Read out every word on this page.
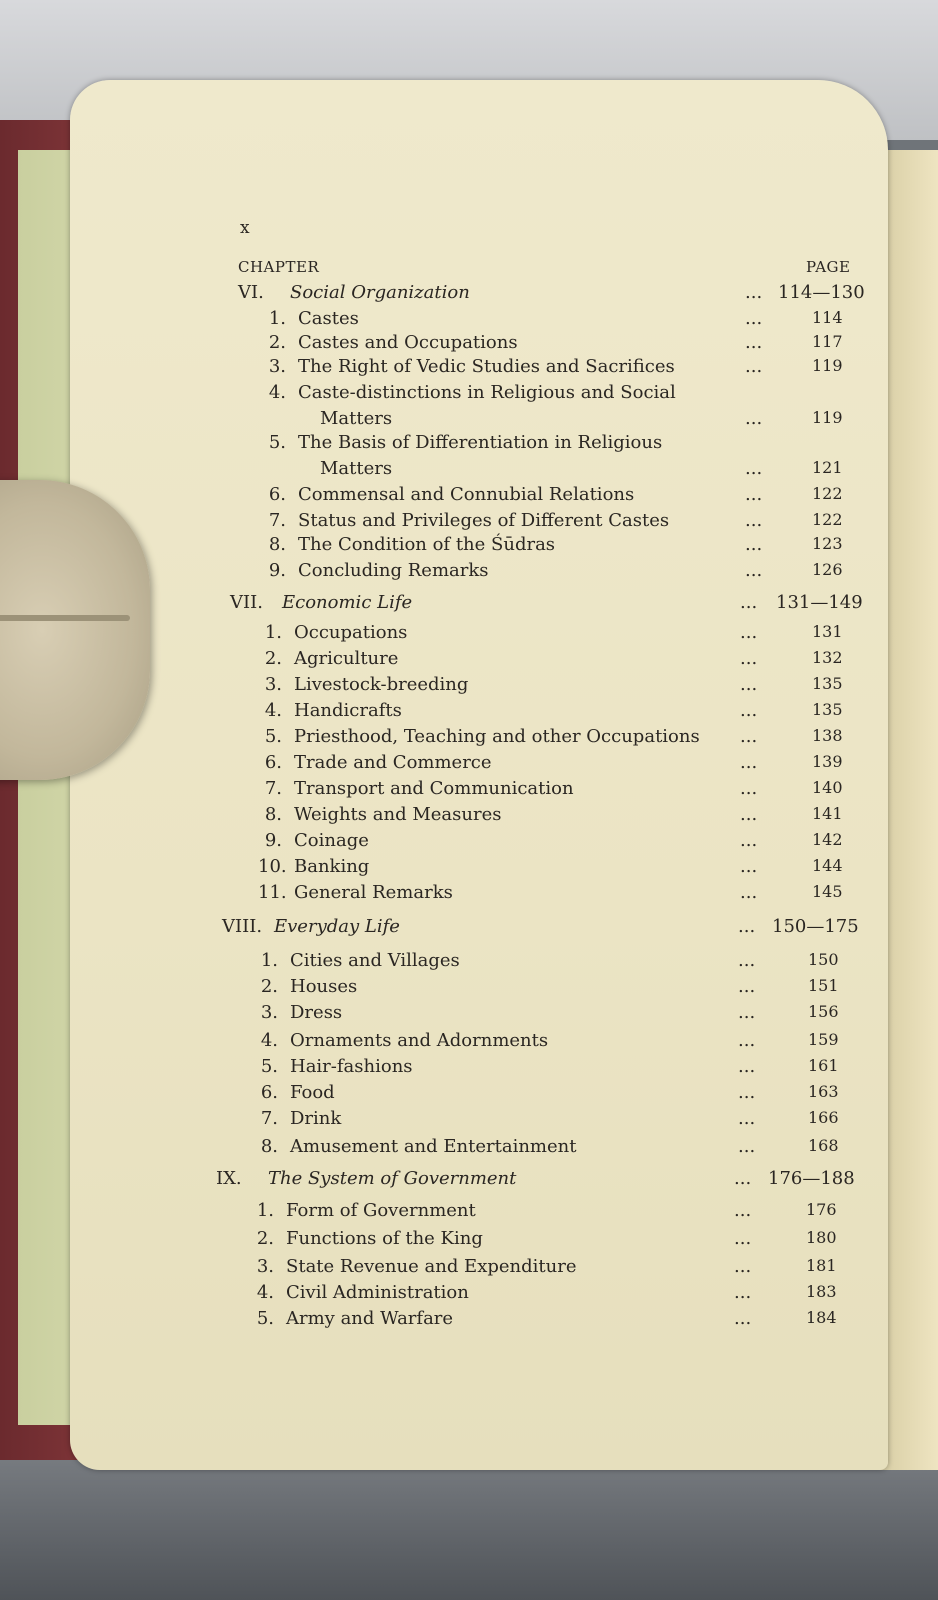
x
CHAPTER	PAGE
VI. Social Organization	... 114—130
1. Castes	...	114
2. Castes and Occupations	...	117
3. The Right of Vedic Studies and Sacrifices	...	119
4. Caste-distinctions in Religious and Social
Matters	...	119
5. The Basis of Differentiation in Religious
Matters	...	121
6. Commensal and Connubial Relations	...	122
7. Status and Privileges of Different Castes	...	122
8. The Condition of the Śūdras	...	123
9. Concluding Remarks	...	126
VII. Economic Life	... 131—149
1. Occupations	...	131
2. Agriculture	...	132
3. Livestock-breeding	...	135
4. Handicrafts	...	135
5. Priesthood, Teaching and other Occupations ...	138
6. Trade and Commerce	...	139
7. Transport and Communication	...	140
8. Weights and Measures	...	141
9. Coinage	...	142
10. Banking	...	144
11. General Remarks	...	145
VIII. Everyday Life	... 150—175
1. Cities and Villages	...	150
2. Houses	...	151
3. Dress	...	156
4. Ornaments and Adornments	...	159
5. Hair-fashions	...	161
6. Food	...	163
7. Drink	...	166
8. Amusement and Entertainment	...	168
IX. The System of Government	... 176—188
1. Form of Government	...	176
2. Functions of the King	...	180
3. State Revenue and Expenditure	...	181
4. Civil Administration	...	183
5. Army and Warfare	...	184
